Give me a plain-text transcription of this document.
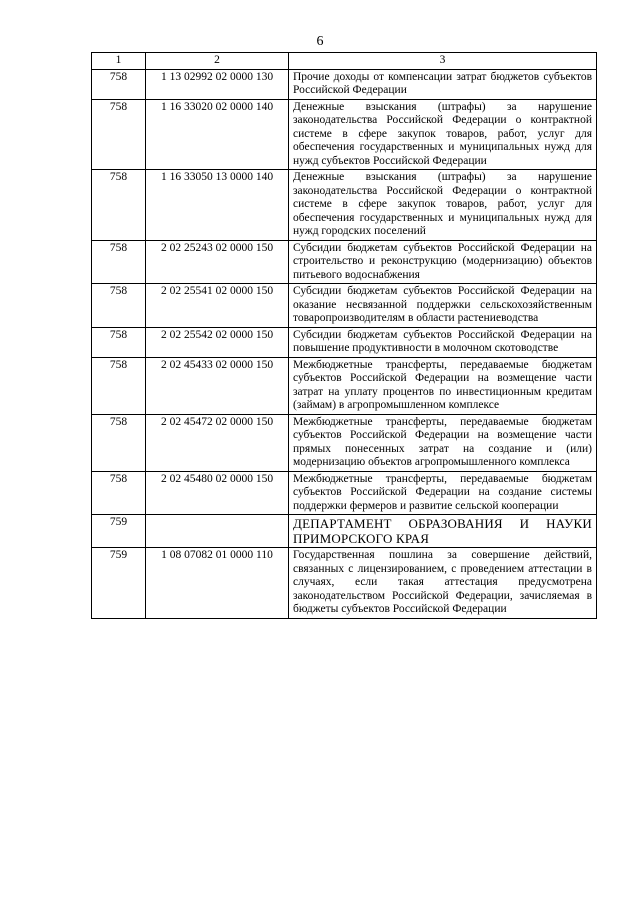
6
1	2	3
758	1 13 02992 02 0000 130	Прочие доходы от компенсации затрат бюджетов субъектов Российской Федерации
758	1 16 33020 02 0000 140	Денежные взыскания (штрафы) за нарушение законодательства Российской Федерации о контрактной системе в сфере закупок товаров, работ, услуг для обеспечения государственных и муниципальных нужд для нужд субъектов Российской Федерации
758	1 16 33050 13 0000 140	Денежные взыскания (штрафы) за нарушение законодательства Российской Федерации о контрактной системе в сфере закупок товаров, работ, услуг для обеспечения государственных и муниципальных нужд для нужд городских поселений
758	2 02 25243 02 0000 150	Субсидии бюджетам субъектов Российской Федерации на строительство и реконструкцию (модернизацию) объектов питьевого водоснабжения
758	2 02 25541 02 0000 150	Субсидии бюджетам субъектов Российской Федерации на оказание несвязанной поддержки сельскохозяйственным товаропроизводителям в области растениеводства
758	2 02 25542 02 0000 150	Субсидии бюджетам субъектов Российской Федерации на повышение продуктивности в молочном скотоводстве
758	2 02 45433 02 0000 150	Межбюджетные трансферты, передаваемые бюджетам субъектов Российской Федерации на возмещение части затрат на уплату процентов по инвестиционным кредитам (займам) в агропромышленном комплексе
758	2 02 45472 02 0000 150	Межбюджетные трансферты, передаваемые бюджетам субъектов Российской Федерации на возмещение части прямых понесенных затрат на создание и (или) модернизацию объектов агропромышленного комплекса
758	2 02 45480 02 0000 150	Межбюджетные трансферты, передаваемые бюджетам субъектов Российской Федерации на создание системы поддержки фермеров и развитие сельской кооперации
759		ДЕПАРТАМЕНТ ОБРАЗОВАНИЯ И НАУКИ ПРИМОРСКОГО КРАЯ
759	1 08 07082 01 0000 110	Государственная пошлина за совершение действий, связанных с лицензированием, с проведением аттестации в случаях, если такая аттестация предусмотрена законодательством Российской Федерации, зачисляемая в бюджеты субъектов Российской Федерации
